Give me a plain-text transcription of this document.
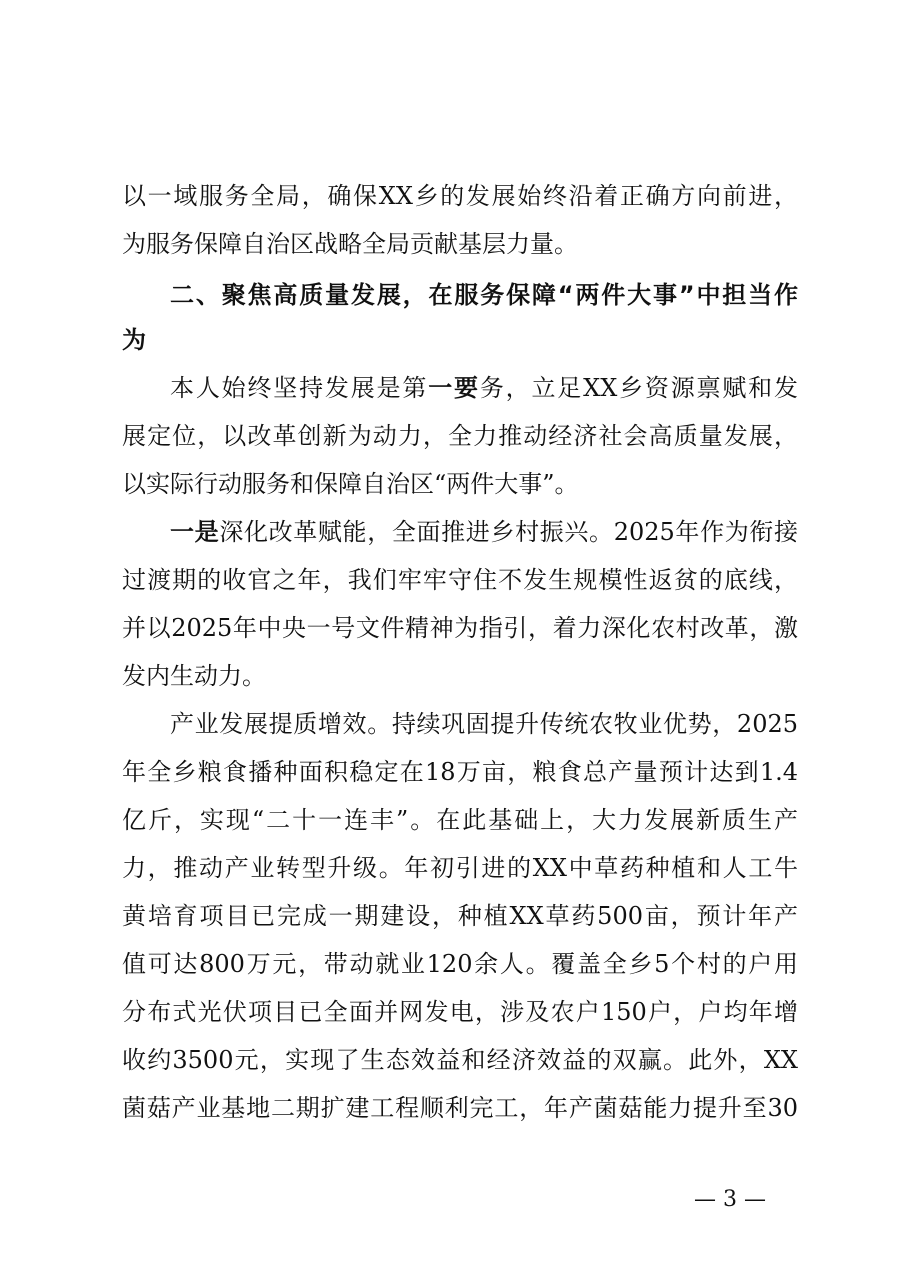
以一域服务全局，确保XX乡的发展始终沿着正确方向前进，
为服务保障自治区战略全局贡献基层力量。
二、聚焦高质量发展，在服务保障“两件大事”中担当作
为
本人始终坚持发展是第一要务，立足XX乡资源禀赋和发
展定位，以改革创新为动力，全力推动经济社会高质量发展，
以实际行动服务和保障自治区“两件大事”。
一是深化改革赋能，全面推进乡村振兴。2025年作为衔接
过渡期的收官之年，我们牢牢守住不发生规模性返贫的底线，
并以2025年中央一号文件精神为指引，着力深化农村改革，激
发内生动力。
产业发展提质增效。持续巩固提升传统农牧业优势，2025
年全乡粮食播种面积稳定在18万亩，粮食总产量预计达到1.4
亿斤，实现“二十一连丰”。在此基础上，大力发展新质生产
力，推动产业转型升级。年初引进的XX中草药种植和人工牛
黄培育项目已完成一期建设，种植XX草药500亩，预计年产
值可达800万元，带动就业120余人。覆盖全乡5个村的户用
分布式光伏项目已全面并网发电，涉及农户150户，户均年增
收约3500元，实现了生态效益和经济效益的双赢。此外，XX
菌菇产业基地二期扩建工程顺利完工，年产菌菇能力提升至30
— 3 —
